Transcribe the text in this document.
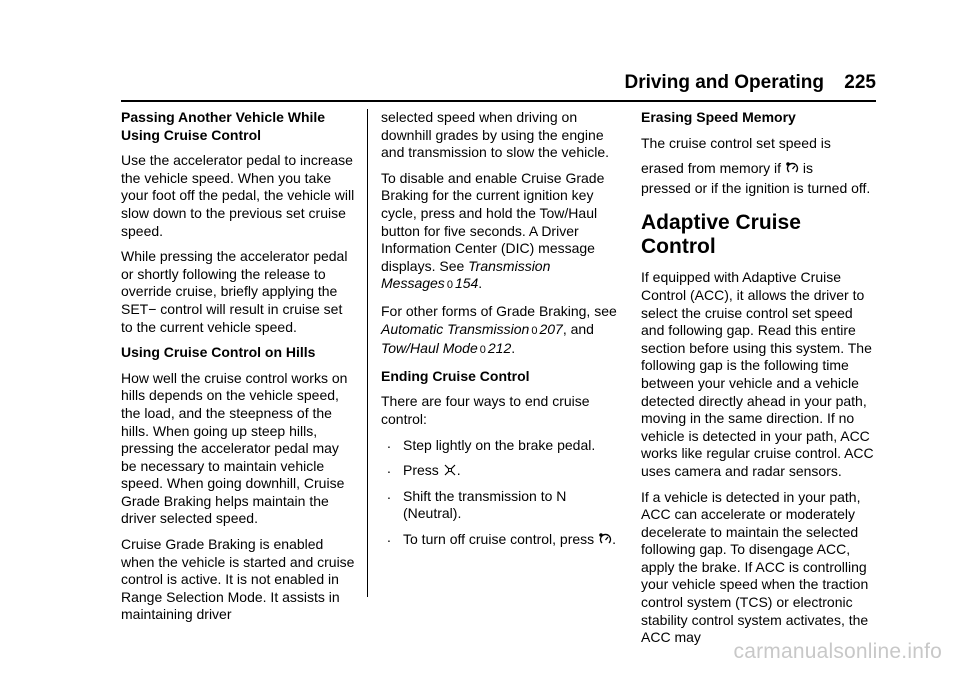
Driving and Operating 225
Passing Another Vehicle While Using Cruise Control

Use the accelerator pedal to increase the vehicle speed. When you take your foot off the pedal, the vehicle will slow down to the previous set cruise speed.

While pressing the accelerator pedal or shortly following the release to override cruise, briefly applying the SET− control will result in cruise set to the current vehicle speed.

Using Cruise Control on Hills

How well the cruise control works on hills depends on the vehicle speed, the load, and the steepness of the hills. When going up steep hills, pressing the accelerator pedal may be necessary to maintain vehicle speed. When going downhill, Cruise Grade Braking helps maintain the driver selected speed.

Cruise Grade Braking is enabled when the vehicle is started and cruise control is active. It is not enabled in Range Selection Mode. It assists in maintaining driver

selected speed when driving on downhill grades by using the engine and transmission to slow the vehicle.

To disable and enable Cruise Grade Braking for the current ignition key cycle, press and hold the Tow/Haul button for five seconds. A Driver Information Center (DIC) message displays. See Transmission Messages 0 154.

For other forms of Grade Braking, see Automatic Transmission 0 207, and Tow/Haul Mode 0 212.

Ending Cruise Control

There are four ways to end cruise control:

. Step lightly on the brake pedal.
. Press
.
. Shift the transmission to N (Neutral).
. To turn off cruise control, press
.
Erasing Speed Memory

The cruise control set speed is

erased from memory if
is

pressed or if the ignition is turned off.

Adaptive Cruise Control

If equipped with Adaptive Cruise Control (ACC), it allows the driver to select the cruise control set speed and following gap. Read this entire section before using this system. The following gap is the following time between your vehicle and a vehicle detected directly ahead in your path, moving in the same direction. If no vehicle is detected in your path, ACC works like regular cruise control. ACC uses camera and radar sensors.

If a vehicle is detected in your path, ACC can accelerate or moderately decelerate to maintain the selected following gap. To disengage ACC, apply the brake. If ACC is controlling your vehicle speed when the traction control system (TCS) or electronic stability control system activates, the ACC may

carmanualsonline.info
